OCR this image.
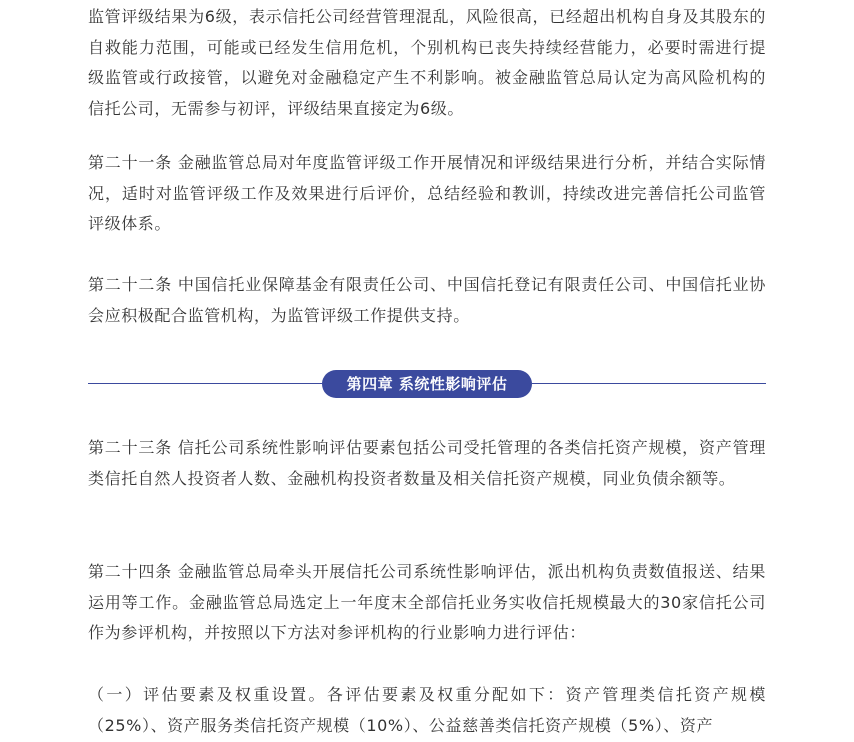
监管评级结果为6级，表示信托公司经营管理混乱，风险很高，已经超出机构自身及其股东的自救能力范围，可能或已经发生信用危机，个别机构已丧失持续经营能力，必要时需进行提级监管或行政接管，以避免对金融稳定产生不利影响。被金融监管总局认定为高风险机构的信托公司，无需参与初评，评级结果直接定为6级。

第二十一条 金融监管总局对年度监管评级工作开展情况和评级结果进行分析，并结合实际情况，适时对监管评级工作及效果进行后评价，总结经验和教训，持续改进完善信托公司监管评级体系。

第二十二条 中国信托业保障基金有限责任公司、中国信托登记有限责任公司、中国信托业协会应积极配合监管机构，为监管评级工作提供支持。

第二十三条 信托公司系统性影响评估要素包括公司受托管理的各类信托资产规模，资产管理类信托自然人投资者人数、金融机构投资者数量及相关信托资产规模，同业负债余额等。

第二十四条 金融监管总局牵头开展信托公司系统性影响评估，派出机构负责数值报送、结果运用等工作。金融监管总局选定上一年度末全部信托业务实收信托规模最大的30家信托公司作为参评机构，并按照以下方法对参评机构的行业影响力进行评估：

（一）评估要素及权重设置。各评估要素及权重分配如下：资产管理类信托资产规模（25%）、资产服务类信托资产规模（10%）、公益慈善类信托资产规模（5%）、资产

第四章 系统性影响评估
